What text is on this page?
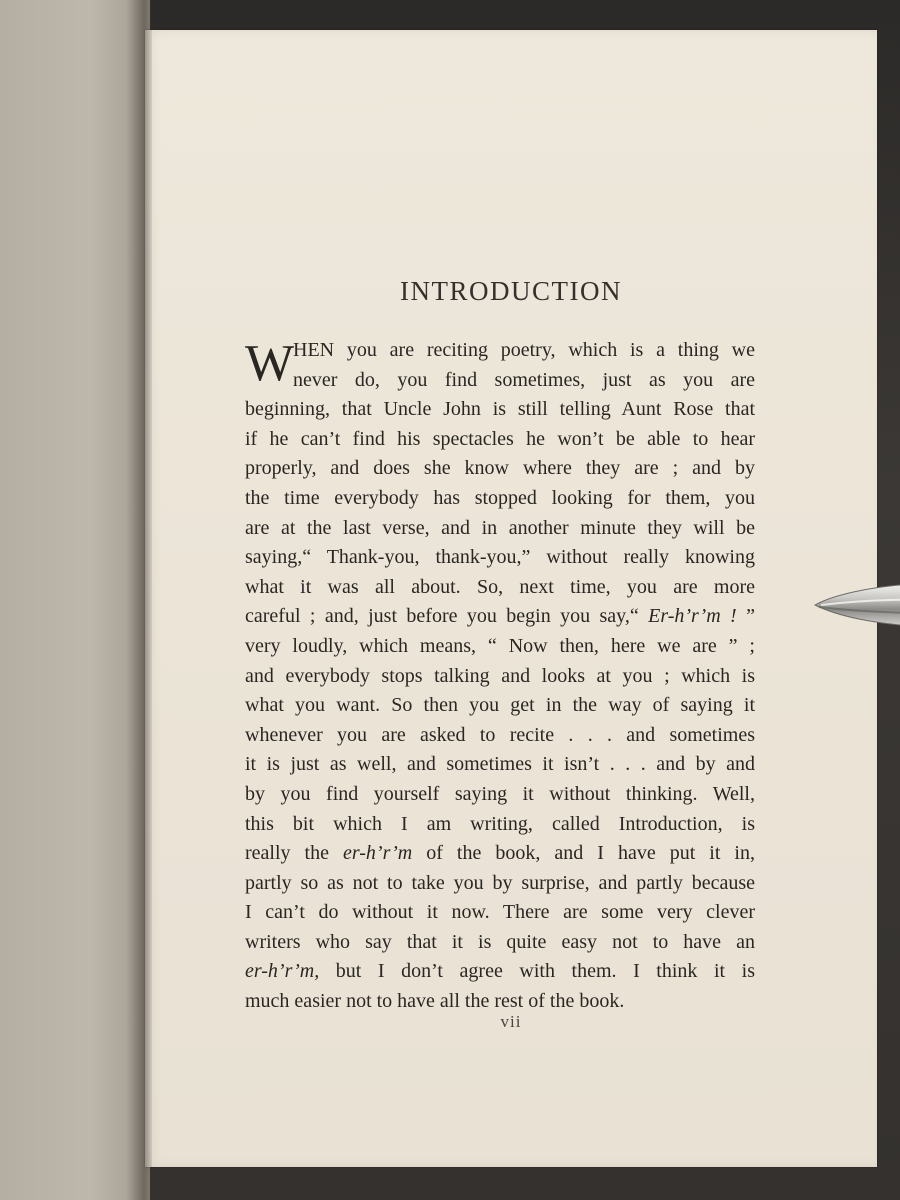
INTRODUCTION
W
HEN you are reciting poetry, which is a thing we
never do, you find sometimes, just as you are
beginning, that Uncle John is still telling Aunt Rose that
if he can’t find his spectacles he won’t be able to hear
properly, and does she know where they are ; and by
the time everybody has stopped looking for them, you
are at the last verse, and in another minute they will be
saying,“ Thank-you, thank-you,” without really knowing
what it was all about. So, next time, you are more
careful ; and, just before you begin you say,“ Er-h’r’m ! ”
very loudly, which means, “ Now then, here we are ” ;
and everybody stops talking and looks at you ; which is
what you want. So then you get in the way of saying it
whenever you are asked to recite . . . and sometimes
it is just as well, and sometimes it isn’t . . . and by and
by you find yourself saying it without thinking. Well,
this bit which I am writing, called Introduction, is
really the er-h’r’m of the book, and I have put it in,
partly so as not to take you by surprise, and partly because
I can’t do without it now. There are some very clever
writers who say that it is quite easy not to have an
er-h’r’m, but I don’t agree with them. I think it is
much easier not to have all the rest of the book.
vii
